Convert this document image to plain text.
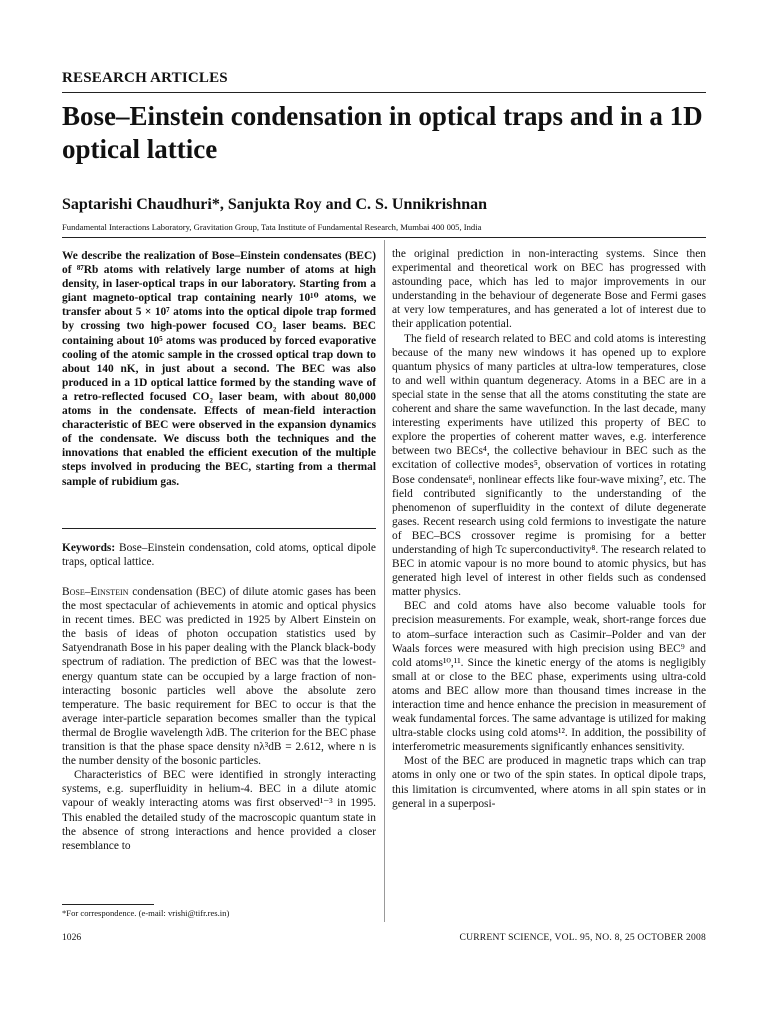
RESEARCH ARTICLES
Bose–Einstein condensation in optical traps and in a 1D optical lattice
Saptarishi Chaudhuri*, Sanjukta Roy and C. S. Unnikrishnan
Fundamental Interactions Laboratory, Gravitation Group, Tata Institute of Fundamental Research, Mumbai 400 005, India
We describe the realization of Bose–Einstein condensates (BEC) of ⁸⁷Rb atoms with relatively large number of atoms at high density, in laser-optical traps in our laboratory. Starting from a giant magneto-optical trap containing nearly 10¹⁰ atoms, we transfer about 5 × 10⁷ atoms into the optical dipole trap formed by crossing two high-power focused CO₂ laser beams. BEC containing about 10⁵ atoms was produced by forced evaporative cooling of the atomic sample in the crossed optical trap down to about 140 nK, in just about a second. The BEC was also produced in a 1D optical lattice formed by the standing wave of a retro-reflected focused CO₂ laser beam, with about 80,000 atoms in the condensate. Effects of mean-field interaction characteristic of BEC were observed in the expansion dynamics of the condensate. We discuss both the techniques and the innovations that enabled the efficient execution of the multiple steps involved in producing the BEC, starting from a thermal sample of rubidium gas.
Keywords: Bose–Einstein condensation, cold atoms, optical dipole traps, optical lattice.

Bose–Einstein condensation (BEC) of dilute atomic gases has been the most spectacular of achievements in atomic and optical physics in recent times. BEC was predicted in 1925 by Albert Einstein on the basis of ideas of photon occupation statistics used by Satyendranath Bose in his paper dealing with the Planck black-body spectrum of radiation. The prediction of BEC was that the lowest-energy quantum state can be occupied by a large fraction of non-interacting bosonic particles well above the absolute zero temperature. The basic requirement for BEC to occur is that the average inter-particle separation becomes smaller than the typical thermal de Broglie wavelength λdB. The criterion for the BEC phase transition is that the phase space density nλ³dB = 2.612, where n is the number density of the bosonic particles.

Characteristics of BEC were identified in strongly interacting systems, e.g. superfluidity in helium-4. BEC in a dilute atomic vapour of weakly interacting atoms was first observed¹⁻³ in 1995. This enabled the detailed study of the macroscopic quantum state in the absence of strong interactions and hence provided a closer resemblance to

*For correspondence. (e-mail: vrishi@tifr.res.in)

the original prediction in non-interacting systems. Since then experimental and theoretical work on BEC has progressed with astounding pace, which has led to major improvements in our understanding in the behaviour of degenerate Bose and Fermi gases at very low temperatures, and has generated a lot of interest due to their application potential.

The field of research related to BEC and cold atoms is interesting because of the many new windows it has opened up to explore quantum physics of many particles at ultra-low temperatures, close to and well within quantum degeneracy. Atoms in a BEC are in a special state in the sense that all the atoms constituting the state are coherent and share the same wavefunction. In the last decade, many interesting experiments have utilized this property of BEC to explore the properties of coherent matter waves, e.g. interference between two BECs⁴, the collective behaviour in BEC such as the excitation of collective modes⁵, observation of vortices in rotating Bose condensate⁶, nonlinear effects like four-wave mixing⁷, etc. The field contributed significantly to the understanding of the phenomenon of superfluidity in the context of dilute degenerate gases. Recent research using cold fermions to investigate the nature of BEC–BCS crossover regime is promising for a better understanding of high Tc superconductivity⁸. The research related to BEC in atomic vapour is no more bound to atomic physics, but has generated high level of interest in other fields such as condensed matter physics.

BEC and cold atoms have also become valuable tools for precision measurements. For example, weak, short-range forces due to atom–surface interaction such as Casimir–Polder and van der Waals forces were measured with high precision using BEC⁹ and cold atoms¹⁰,¹¹. Since the kinetic energy of the atoms is negligibly small at or close to the BEC phase, experiments using ultra-cold atoms and BEC allow more than thousand times increase in the interaction time and hence enhance the precision in measurement of weak fundamental forces. The same advantage is utilized for making ultra-stable clocks using cold atoms¹². In addition, the possibility of interferometric measurements significantly enhances sensitivity.

Most of the BEC are produced in magnetic traps which can trap atoms in only one or two of the spin states. In optical dipole traps, this limitation is circumvented, where atoms in all spin states or in general in a superposi-

1026	CURRENT SCIENCE, VOL. 95, NO. 8, 25 OCTOBER 2008
